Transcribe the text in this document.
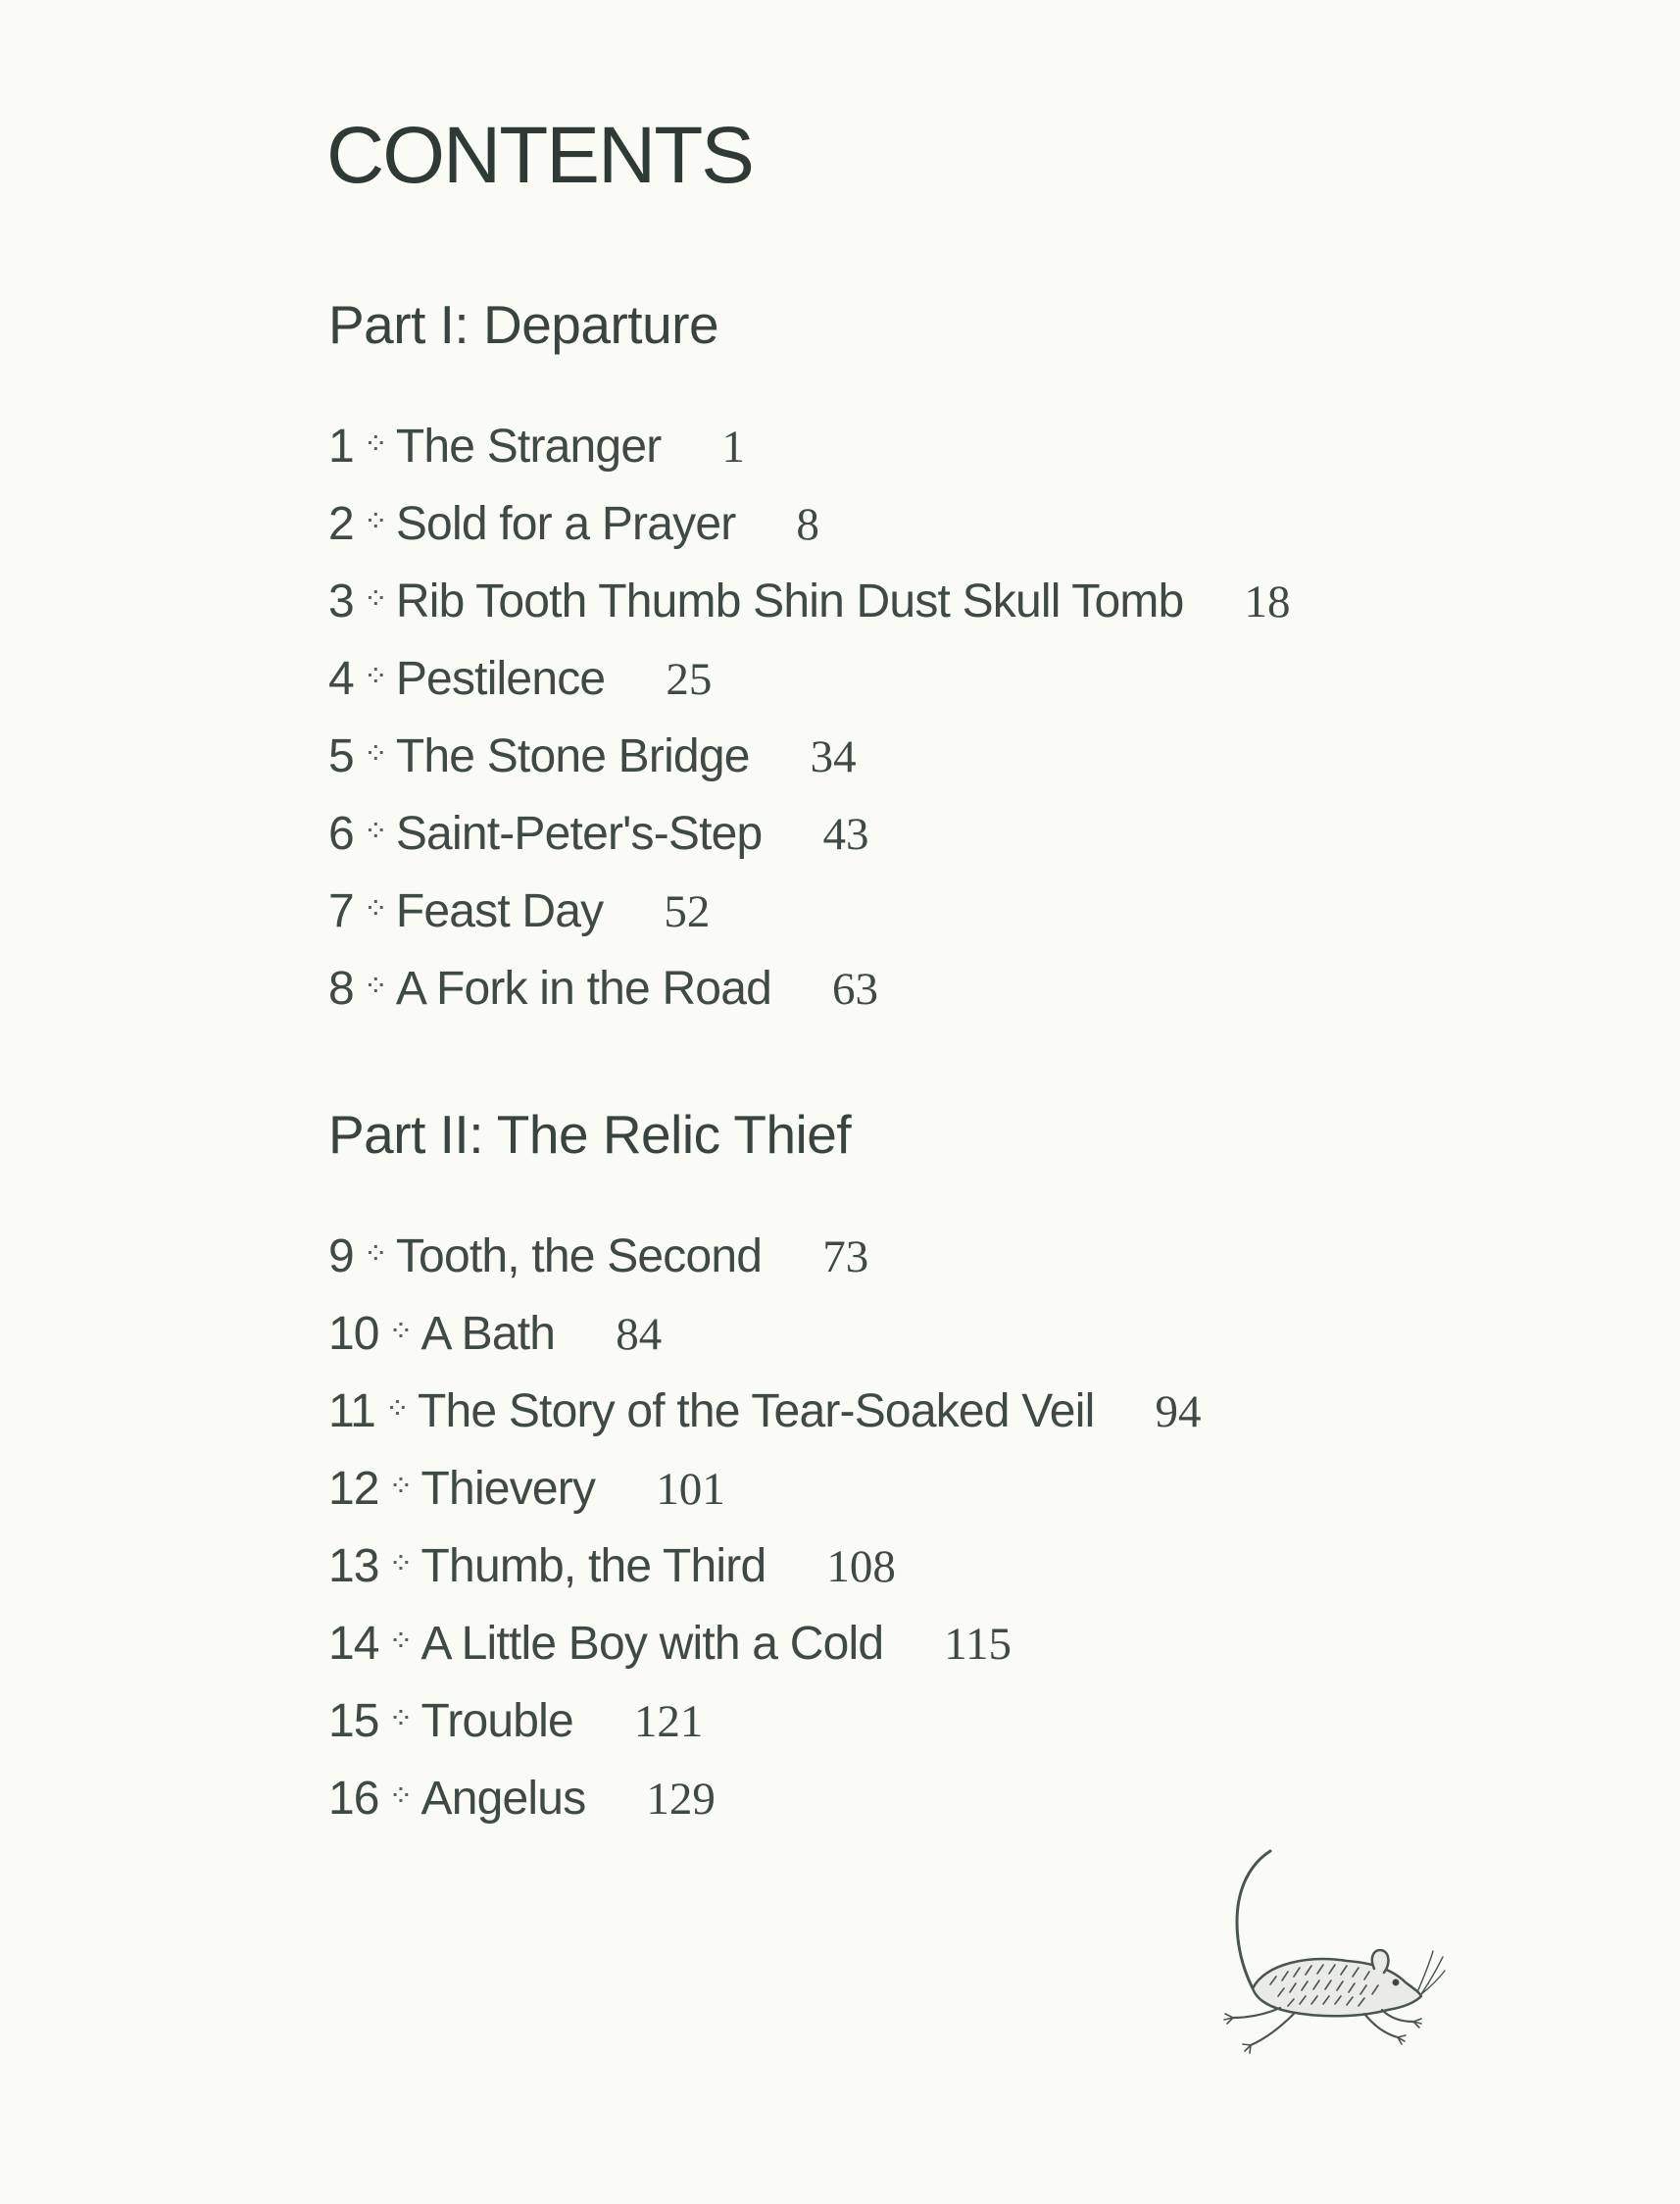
CONTENTS
Part I: Departure
1 ⁘ The Stranger 1
2 ⁘ Sold for a Prayer 8
3 ⁘ Rib Tooth Thumb Shin Dust Skull Tomb 18
4 ⁘ Pestilence 25
5 ⁘ The Stone Bridge 34
6 ⁘ Saint-Peter's-Step 43
7 ⁘ Feast Day 52
8 ⁘ A Fork in the Road 63
Part II: The Relic Thief
9 ⁘ Tooth, the Second 73
10 ⁘ A Bath 84
11 ⁘ The Story of the Tear-Soaked Veil 94
12 ⁘ Thievery 101
13 ⁘ Thumb, the Third 108
14 ⁘ A Little Boy with a Cold 115
15 ⁘ Trouble 121
16 ⁘ Angelus 129
